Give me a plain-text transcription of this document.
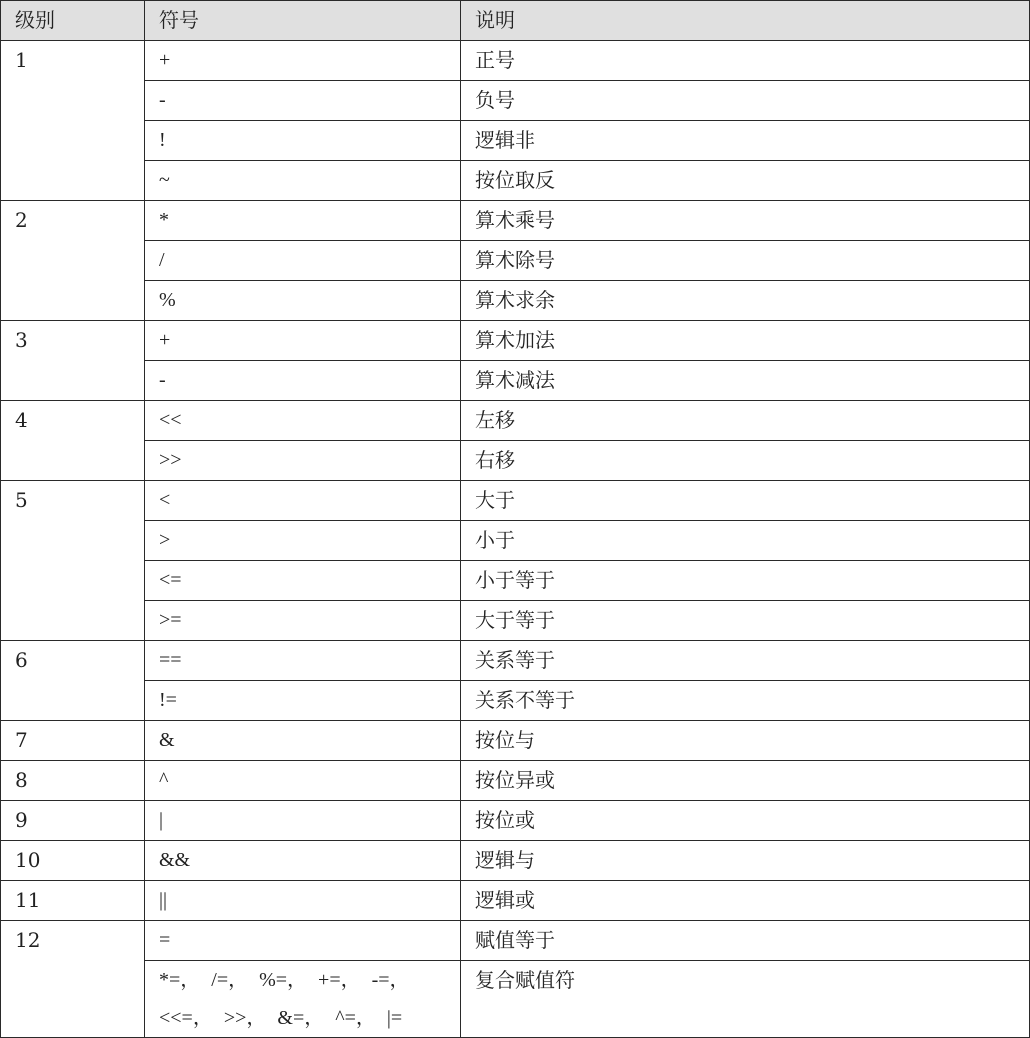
级别	符号	说明
1	+	正号
	-	负号
	!	逻辑非
	~	按位取反
2	*	算术乘号
	/	算术除号
	%	算术求余
3	+	算术加法
	-	算术减法
4	<<	左移
	>>	右移
5	<	大于
	>	小于
	<=	小于等于
	>=	大于等于
6	==	关系等于
	!=	关系不等于
7	&	按位与
8	^	按位异或
9	|	按位或
10	&&	逻辑与
11	||	逻辑或
12	=	赋值等于
	*=， /=， %=， +=， -=，<<=， >>， &=， ^=， |=	复合赋值符
